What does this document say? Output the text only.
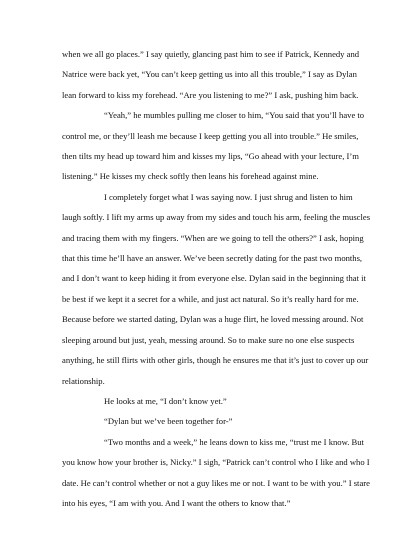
when we all go places.” I say quietly, glancing past him to see if Patrick, Kennedy and Natrice were back yet, “You can’t keep getting us into all this trouble,” I say as Dylan lean forward to kiss my forehead. “Are you listening to me?” I ask, pushing him back.

“Yeah,” he mumbles pulling me closer to him, “You said that you’ll have to control me, or they’ll leash me because I keep getting you all into trouble.” He smiles, then tilts my head up toward him and kisses my lips, “Go ahead with your lecture, I’m listening.” He kisses my check softly then leans his forehead against mine.

I completely forget what I was saying now. I just shrug and listen to him laugh softly. I lift my arms up away from my sides and touch his arm, feeling the muscles and tracing them with my fingers. “When are we going to tell the others?” I ask, hoping that this time he’ll have an answer. We’ve been secretly dating for the past two months, and I don’t want to keep hiding it from everyone else. Dylan said in the beginning that it be best if we kept it a secret for a while, and just act natural. So it’s really hard for me. Because before we started dating, Dylan was a huge flirt, he loved messing around. Not sleeping around but just, yeah, messing around. So to make sure no one else suspects anything, he still flirts with other girls, though he ensures me that it’s just to cover up our relationship.

He looks at me, “I don’t know yet.”

“Dylan but we’ve been together for-”

“Two months and a week,” he leans down to kiss me, “trust me I know. But you know how your brother is, Nicky.” I sigh, “Patrick can’t control who I like and who I date. He can’t control whether or not a guy likes me or not. I want to be with you.” I stare into his eyes, “I am with you. And I want the others to know that.”
